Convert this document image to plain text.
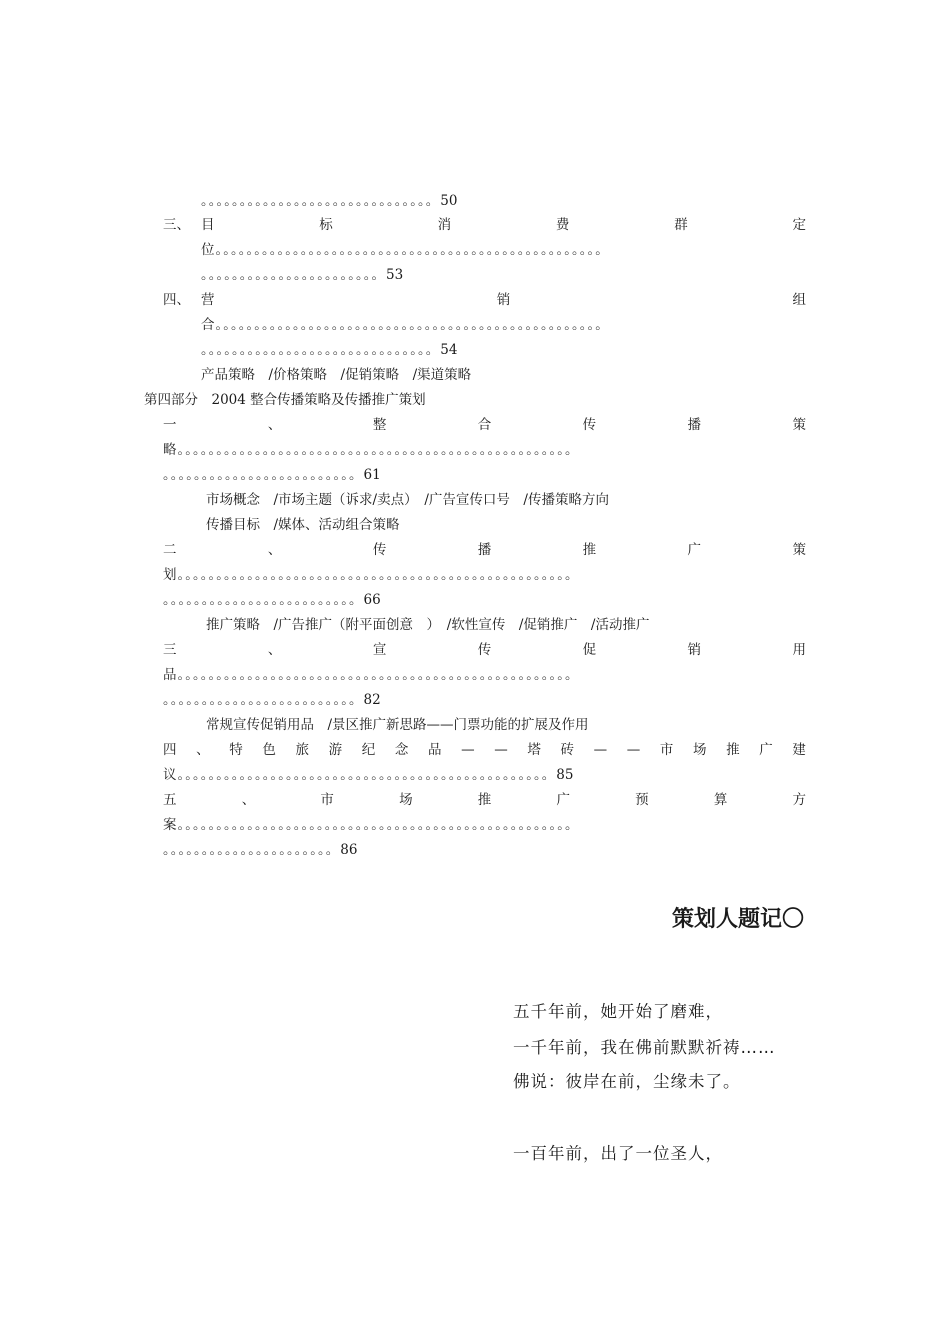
。。。。。。。。。。。。。。。。。。。。。。。。。。。。。。50
三、 目	标	消	费	群	定
位。。。。。。。。。。。。。。。。。。。。。。。。。。。。。。。。。。。。。。。。。。。。。。。。。。
。。。。。。。。。。。。。。。。。。。。。。。53
四、 营	销	组
合。。。。。。。。。。。。。。。。。。。。。。。。。。。。。。。。。。。。。。。。。。。。。。。。。。
。。。。。。。。。。。。。。。。。。。。。。。。。。。。。。54
产品策略　/价格策略　/促销策略　/渠道策略
第四部分　2004 整合传播策略及传播推广策划
一	、	整	合	传	播	策
略。。。。。。。。。。。。。。。。。。。。。。。。。。。。。。。。。。。。。。。。。。。。。。。。。。。
。。。。。。。。。。。。。。。。。。。。。。。。。61
市场概念　/市场主题（诉求/卖点）　/广告宣传口号　/传播策略方向
传播目标　/媒体、活动组合策略
二	、	传	播	推	广	策
划。。。。。。。。。。。。。。。。。。。。。。。。。。。。。。。。。。。。。。。。。。。。。。。。。。。
。。。。。。。。。。。。。。。。。。。。。。。。。66
推广策略　/广告推广（附平面创意　）　/软性宣传　/促销推广　/活动推广
三	、	宣	传	促	销	用
品。。。。。。。。。。。。。。。。。。。。。。。。。。。。。。。。。。。。。。。。。。。。。。。。。。。
。。。。。。。。。。。。。。。。。。。。。。。。。82
常规宣传促销用品　/景区推广新思路——门票功能的扩展及作用
四 、 特 色 旅 游 纪 念 品 — — 塔 砖 — — 市 场 推 广 建
议。。。。。。。。。。。。。。。。。。。。。。。。。。。。。。。。。。。。。。。。。。。。。。。。85
五	、	市	场	推	广	预	算	方
案。。。。。。。。。。。。。。。。。。。。。。。。。。。。。。。。。。。。。。。。。。。。。。。。。。。
。。。。。。。。。。。。。。。。。。。。。。86
策划人题记〇
五千年前，她开始了磨难，
一千年前，我在佛前默默祈祷……
佛说：彼岸在前，尘缘未了。
一百年前，出了一位圣人，
